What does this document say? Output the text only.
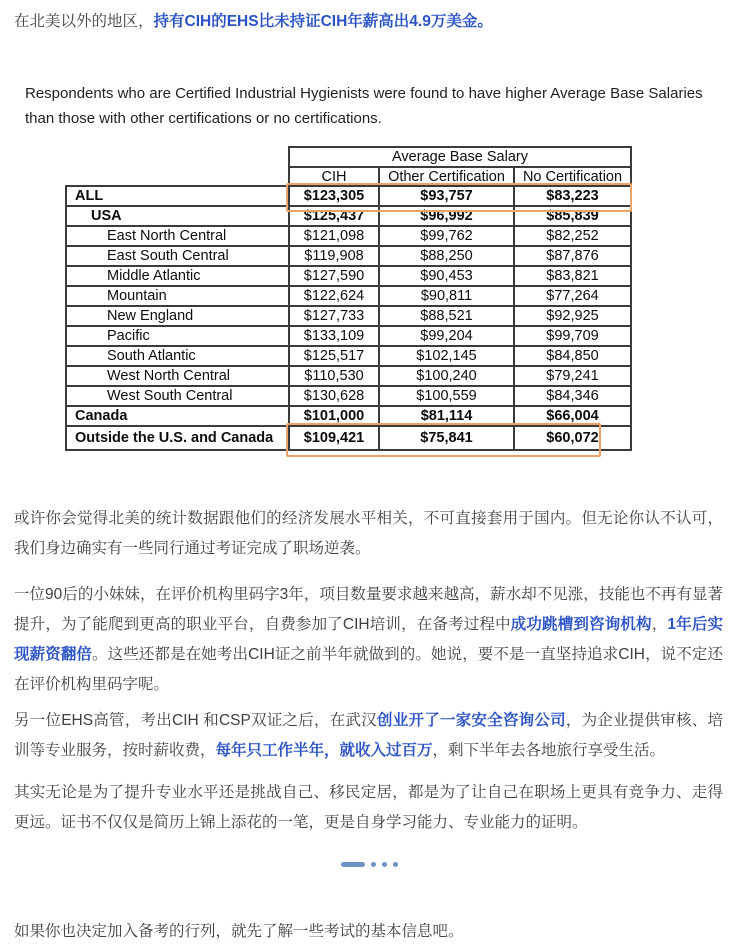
在北美以外的地区，持有CIH的EHS比未持证CIH年薪高出4.9万美金。

Respondents who are Certified Industrial Hygienists were found to have higher Average Base Salaries than those with other certifications or no certifications.

	Average Base Salary		
	CIH	Other Certification	No Certification
ALL	$123,305	$93,757	$83,223
USA	$125,437	$96,992	$85,839
East North Central	$121,098	$99,762	$82,252
East South Central	$119,908	$88,250	$87,876
Middle Atlantic	$127,590	$90,453	$83,821
Mountain	$122,624	$90,811	$77,264
New England	$127,733	$88,521	$92,925
Pacific	$133,109	$99,204	$99,709
South Atlantic	$125,517	$102,145	$84,850
West North Central	$110,530	$100,240	$79,241
West South Central	$130,628	$100,559	$84,346
Canada	$101,000	$81,114	$66,004
Outside the U.S. and Canada	$109,421	$75,841	$60,072

或许你会觉得北美的统计数据跟他们的经济发展水平相关，不可直接套用于国内。但无论你认不认可，我们身边确实有一些同行通过考证完成了职场逆袭。

一位90后的小妹妹，在评价机构里码字3年，项目数量要求越来越高，薪水却不见涨，技能也不再有显著提升，为了能爬到更高的职业平台，自费参加了CIH培训，在备考过程中成功跳槽到咨询机构，1年后实现薪资翻倍。这些还都是在她考出CIH证之前半年就做到的。她说，要不是一直坚持追求CIH，说不定还在评价机构里码字呢。

另一位EHS高管，考出CIH 和CSP双证之后，在武汉创业开了一家安全咨询公司，为企业提供审核、培训等专业服务，按时薪收费，每年只工作半年，就收入过百万，剩下半年去各地旅行享受生活。

其实无论是为了提升专业水平还是挑战自己、移民定居，都是为了让自己在职场上更具有竞争力、走得更远。证书不仅仅是简历上锦上添花的一笔，更是自身学习能力、专业能力的证明。

如果你也决定加入备考的行列，就先了解一些考试的基本信息吧。
